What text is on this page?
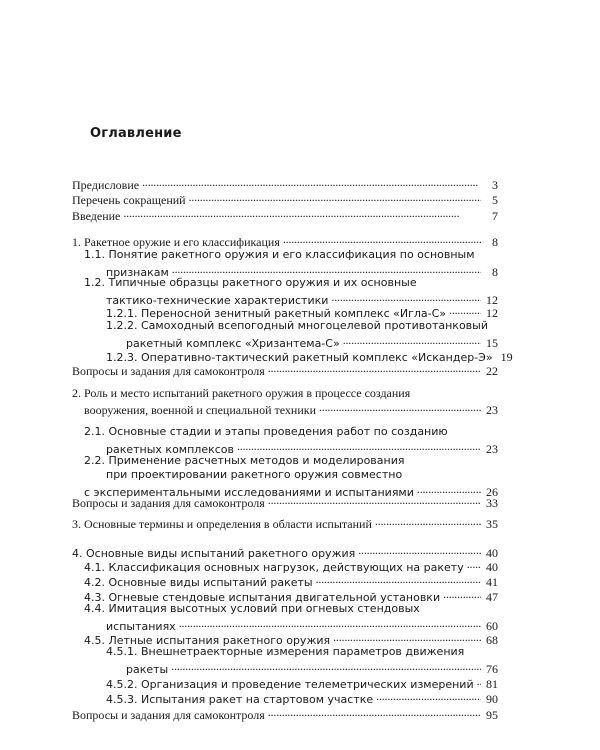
Оглавление
Предисловие . . .	3
Перечень сокращений . . .	5
Введение . . .	7
1. Ракетное оружие и его классификация . . .	8
1.1. Понятие ракетного оружия и его классификация по основным
признакам . . .	8
1.2. Типичные образцы ракетного оружия и их основные
тактико-технические характеристики . . .	12
1.2.1. Переносной зенитный ракетный комплекс «Игла-С» . . .	12
1.2.2. Самоходный всепогодный многоцелевой противотанковый
ракетный комплекс «Хризантема-С» . . .	15
1.2.3. Оперативно-тактический ракетный комплекс «Искандер-Э» 19
Вопросы и задания для самоконтроля . . .	22
2. Роль и место испытаний ракетного оружия в процессе создания
вооружения, военной и специальной техники . . .	23
2.1. Основные стадии и этапы проведения работ по созданию
ракетных комплексов . . .	23
2.2. Применение расчетных методов и моделирования
при проектировании ракетного оружия совместно
с экспериментальными исследованиями и испытаниями . . .	26
Вопросы и задания для самоконтроля . . .	33
3. Основные термины и определения в области испытаний . . .	35
4. Основные виды испытаний ракетного оружия . . .	40
4.1. Классификация основных нагрузок, действующих на ракету . . . 40
4.2. Основные виды испытаний ракеты . . .	41
4.3. Огневые стендовые испытания двигательной установки . . .	47
4.4. Имитация высотных условий при огневых стендовых
испытаниях . . .	60
4.5. Летные испытания ракетного оружия . . .	68
4.5.1. Внешнетраекторные измерения параметров движения
ракеты . . .	76
4.5.2. Организация и проведение телеметрических измерений . . . 81
4.5.3. Испытания ракет на стартовом участке . . .	90
Вопросы и задания для самоконтроля . . .	95
